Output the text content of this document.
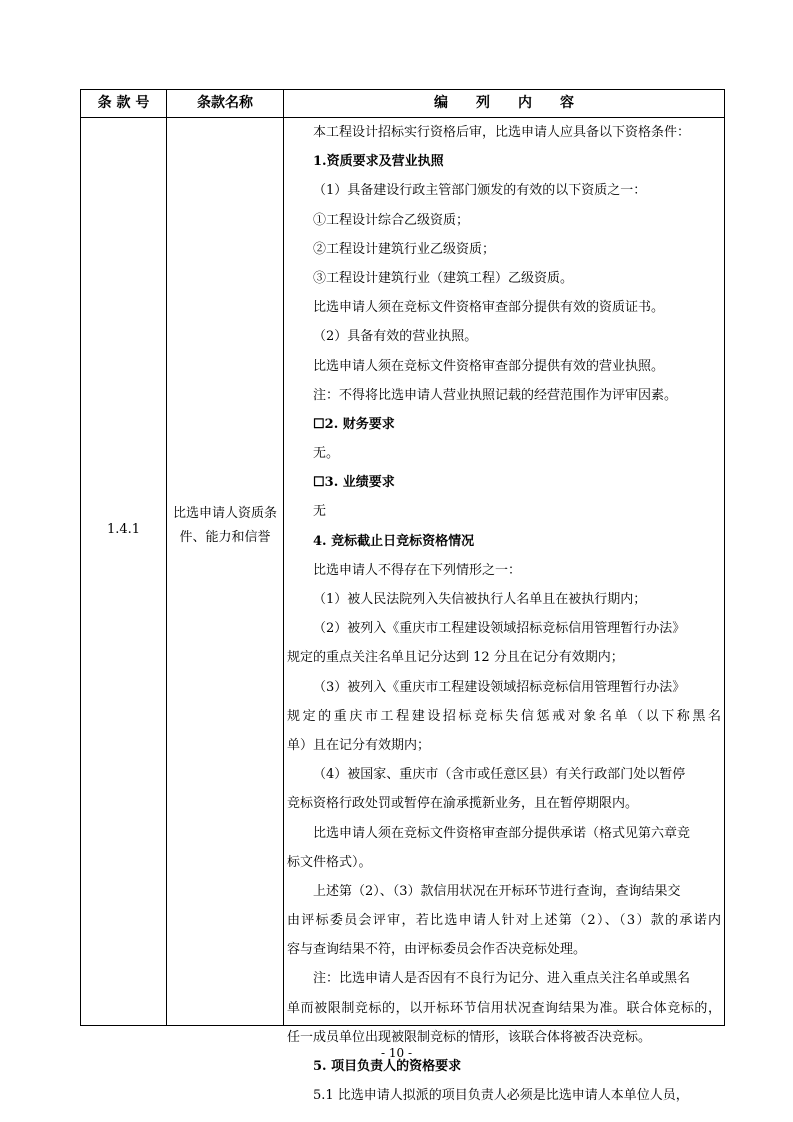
条 款 号	条款名称	编　　列　　内　　容
1.4.1
比选申请人资质条件、能力和信誉
本工程设计招标实行资格后审，比选申请人应具备以下资格条件：
1.资质要求及营业执照
（1）具备建设行政主管部门颁发的有效的以下资质之一：
①工程设计综合乙级资质；
②工程设计建筑行业乙级资质；
③工程设计建筑行业（建筑工程）乙级资质。
比选申请人须在竞标文件资格审查部分提供有效的资质证书。
（2）具备有效的营业执照。
比选申请人须在竞标文件资格审查部分提供有效的营业执照。
注：不得将比选申请人营业执照记载的经营范围作为评审因素。
☐2. 财务要求
无。
☐3. 业绩要求
无
4. 竞标截止日竞标资格情况
比选申请人不得存在下列情形之一：
（1）被人民法院列入失信被执行人名单且在被执行期内；
（2）被列入《重庆市工程建设领域招标竞标信用管理暂行办法》
规定的重点关注名单且记分达到 12 分且在记分有效期内；
（3）被列入《重庆市工程建设领域招标竞标信用管理暂行办法》
规定的重庆市工程建设招标竞标失信惩戒对象名单（以下称黑名
单）且在记分有效期内；
（4）被国家、重庆市（含市或任意区县）有关行政部门处以暂停
竞标资格行政处罚或暂停在渝承揽新业务，且在暂停期限内。
比选申请人须在竞标文件资格审查部分提供承诺（格式见第六章竞
标文件格式）。
上述第（2）、（3）款信用状况在开标环节进行查询，查询结果交
由评标委员会评审，若比选申请人针对上述第（2）、（3）款的承诺内
容与查询结果不符，由评标委员会作否决竞标处理。
注：比选申请人是否因有不良行为记分、进入重点关注名单或黑名
单而被限制竞标的，以开标环节信用状况查询结果为准。联合体竞标的，
任一成员单位出现被限制竞标的情形，该联合体将被否决竞标。
5. 项目负责人的资格要求
5.1 比选申请人拟派的项目负责人必须是比选申请人本单位人员，
- 10 -
